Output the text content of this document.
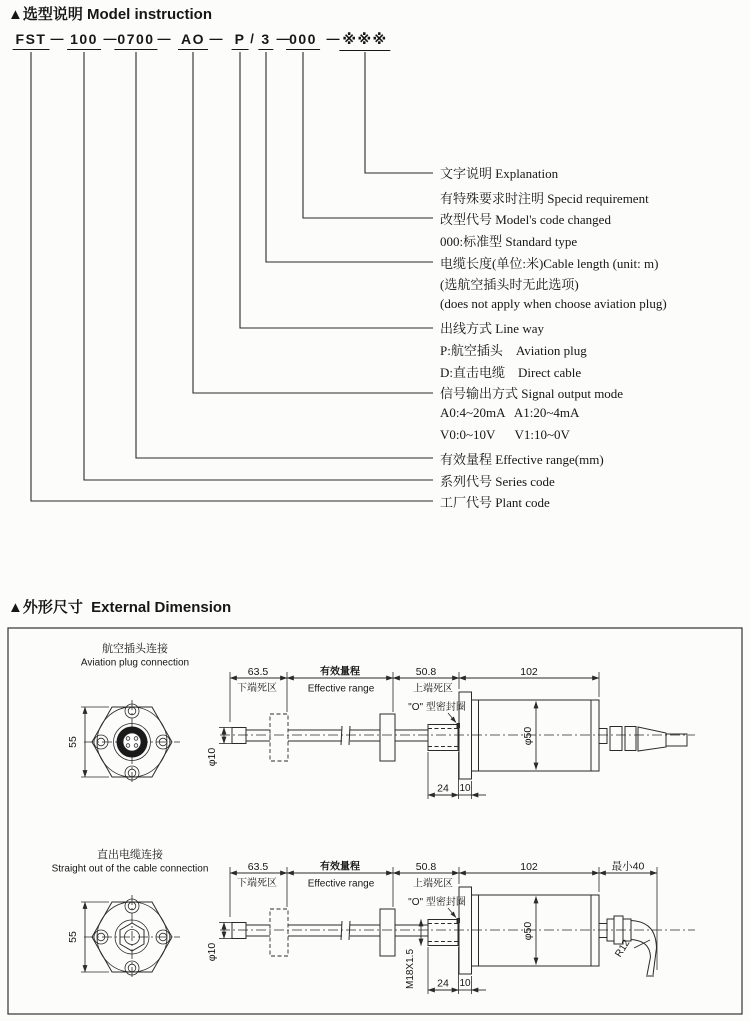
▲选型说明 Model instruction
FST — 100 — 0700 — AO — P / 3 — 000 — ※※※
文字说明 Explanation
有特殊要求时注明 Specid requirement
改型代号 Model's code changed
000:标准型 Standard type
电缆长度(单位:米)Cable length (unit: m)
(选航空插头时无此选项)
(does not apply when choose aviation plug)
出线方式 Line way
P:航空插头    Aviation plug
D:直击电缆    Direct cable
信号输出方式 Signal output mode
A0:4~20mA   A1:20~4mA
V0:0~10V      V1:10~0V
有效量程 Effective range(mm)
系列代号 Series code
工厂代号 Plant code
▲外形尺寸  External Dimension
航空插头连接
Aviation plug connection
55
63.5
下端死区
有效量程
Effective range
50.8
上端死区
"O" 型密封圈
102
φ10
φ50
24 10
直出电缆连接
Straight out of the cable connection
55
63.5
下端死区
有效量程
Effective range
50.8
上端死区
"O" 型密封圈
102	最小40
φ10
φ50
M18X1.5 24 10
R12
